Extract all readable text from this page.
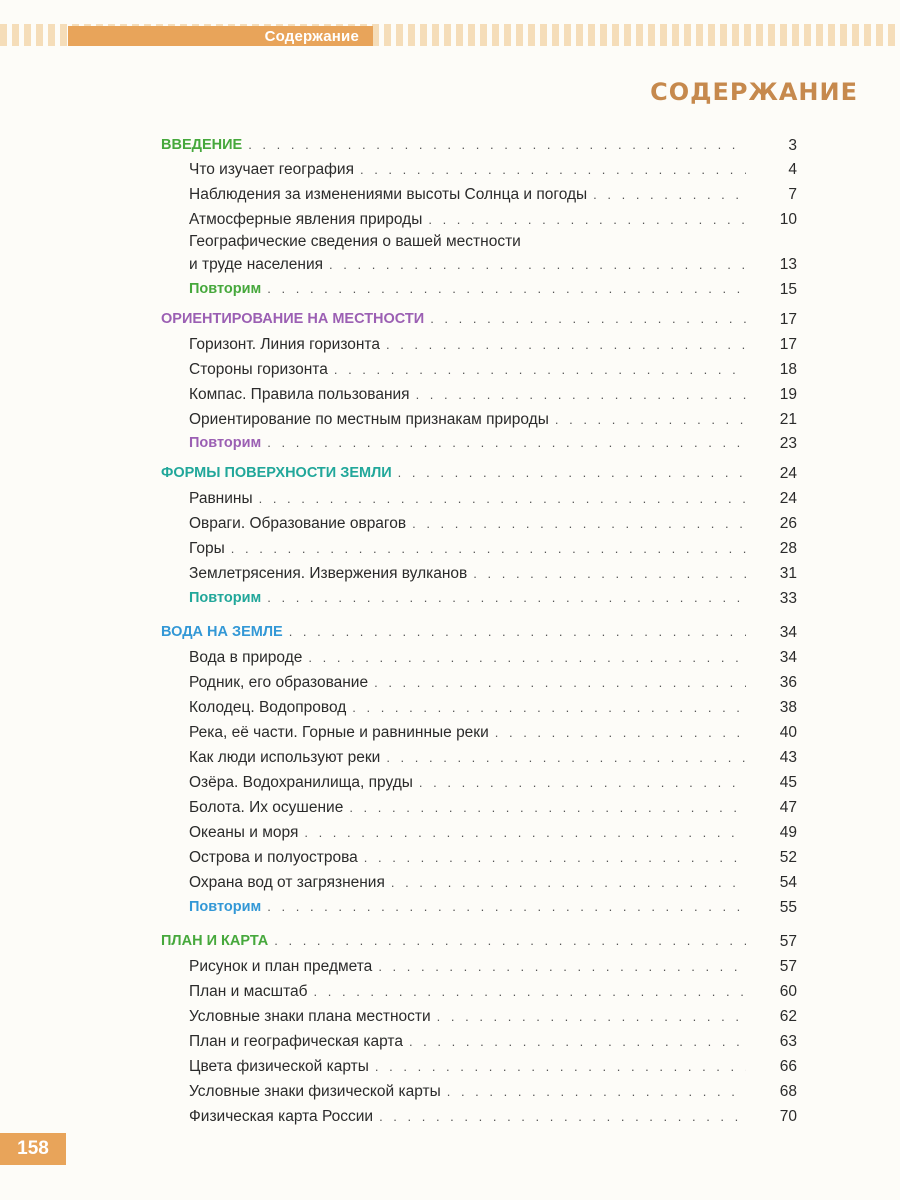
Содержание
СОДЕРЖАНИЕ
ВВЕДЕНИЕ . . .	3
Что изучает география . . .	4
Наблюдения за изменениями высоты Солнца и погоды . . .	7
Атмосферные явления природы . . .	10
Географические сведения о вашей местности
и труде населения . . .	13
Повторим . . .	15
ОРИЕНТИРОВАНИЕ НА МЕСТНОСТИ . . .	17
Горизонт. Линия горизонта . . .	17
Стороны горизонта . . .	18
Компас. Правила пользования . . .	19
Ориентирование по местным признакам природы . . .	21
Повторим . . .	23
ФОРМЫ ПОВЕРХНОСТИ ЗЕМЛИ . . .	24
Равнины . . .	24
Овраги. Образование оврагов . . .	26
Горы . . .	28
Землетрясения. Извержения вулканов . . .	31
Повторим . . .	33
ВОДА НА ЗЕМЛЕ . . .	34
Вода в природе . . .	34
Родник, его образование . . .	36
Колодец. Водопровод . . .	38
Река, её части. Горные и равнинные реки . . .	40
Как люди используют реки . . .	43
Озёра. Водохранилища, пруды . . .	45
Болота. Их осушение . . .	47
Океаны и моря . . .	49
Острова и полуострова . . .	52
Охрана вод от загрязнения . . .	54
Повторим . . .	55
ПЛАН И КАРТА . . .	57
Рисунок и план предмета . . .	57
План и масштаб . . .	60
Условные знаки плана местности . . .	62
План и географическая карта . . .	63
Цвета физической карты . . .	66
Условные знаки физической карты . . .	68
Физическая карта России . . .	70
158
